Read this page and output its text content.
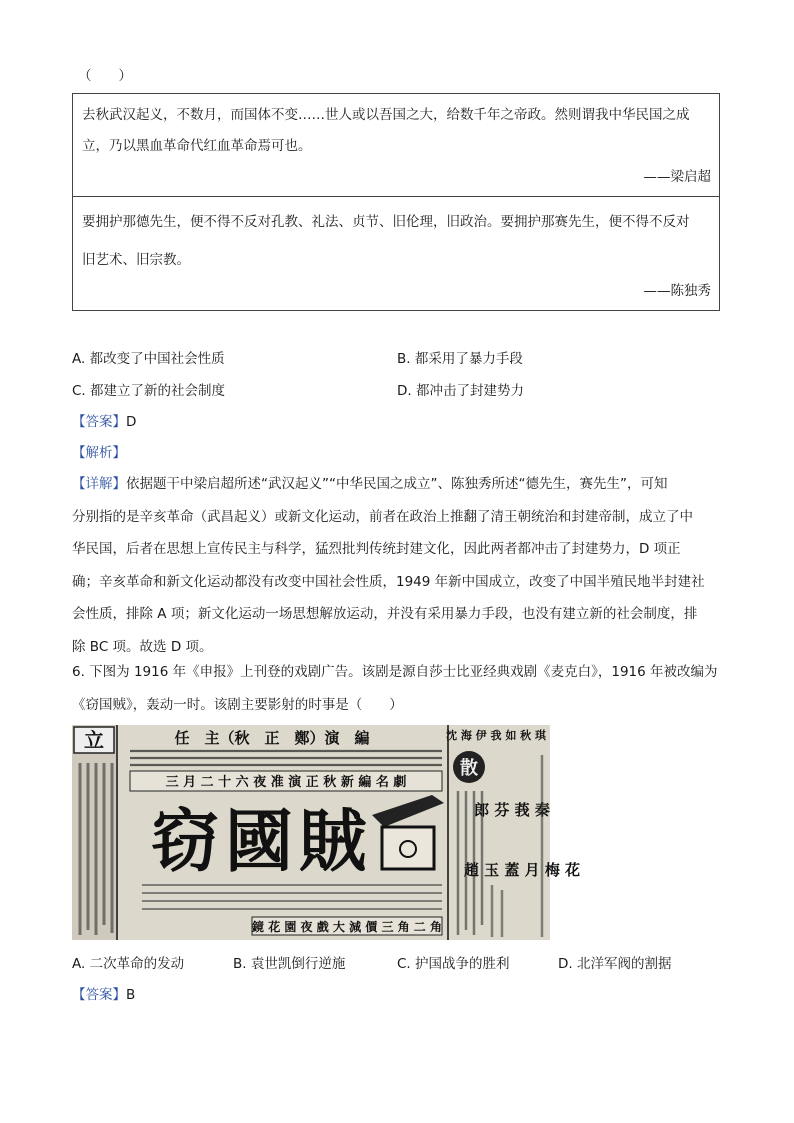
（　　）
去秋武汉起义，不数月，而国体不变……世人或以吾国之大，给数千年之帝政。然则谓我中华民国之成
立，乃以黑血革命代红血革命焉可也。
——梁启超
要拥护那德先生，便不得不反对孔教、礼法、贞节、旧伦理，旧政治。要拥护那赛先生，便不得不反对
旧艺术、旧宗教。
——陈独秀
A. 都改变了中国社会性质	B. 都采用了暴力手段
C. 都建立了新的社会制度	D. 都冲击了封建势力
【答案】D
【解析】
【详解】依据题干中梁启超所述“武汉起义”“中华民国之成立”、陈独秀所述“德先生，赛先生”，可知
分别指的是辛亥革命（武昌起义）或新文化运动，前者在政治上推翻了清王朝统治和封建帝制，成立了中
华民国，后者在思想上宣传民主与科学，猛烈批判传统封建文化，因此两者都冲击了封建势力，D 项正
确；辛亥革命和新文化运动都没有改变中国社会性质，1949 年新中国成立，改变了中国半殖民地半封建社
会性质，排除 A 项；新文化运动一场思想解放运动，并没有采用暴力手段，也没有建立新的社会制度，排
除 BC 项。故选 D 项。
6. 下图为 1916 年《申报》上刊登的戏剧广告。该剧是源自莎士比亚经典戏剧《麦克白》，1916 年被改编为
《窃国贼》，轰动一时。该剧主要影射的时事是（　　）
立	任　主（秋　正　鄭）演　編
三 月 二 十 六 夜 准 演 正 秋 新 編 名 劇
窃國賊
鏡 花 園 夜 戲 大 減 價 三 角 二 角
沈 海 伊 我 如 秋 琪
散
郎 芬 莪 秦
趙 玉 蓋 月 梅 花
A. 二次革命的发动	B. 袁世凯倒行逆施	C. 护国战争的胜利	D. 北洋军阀的割据
【答案】B
